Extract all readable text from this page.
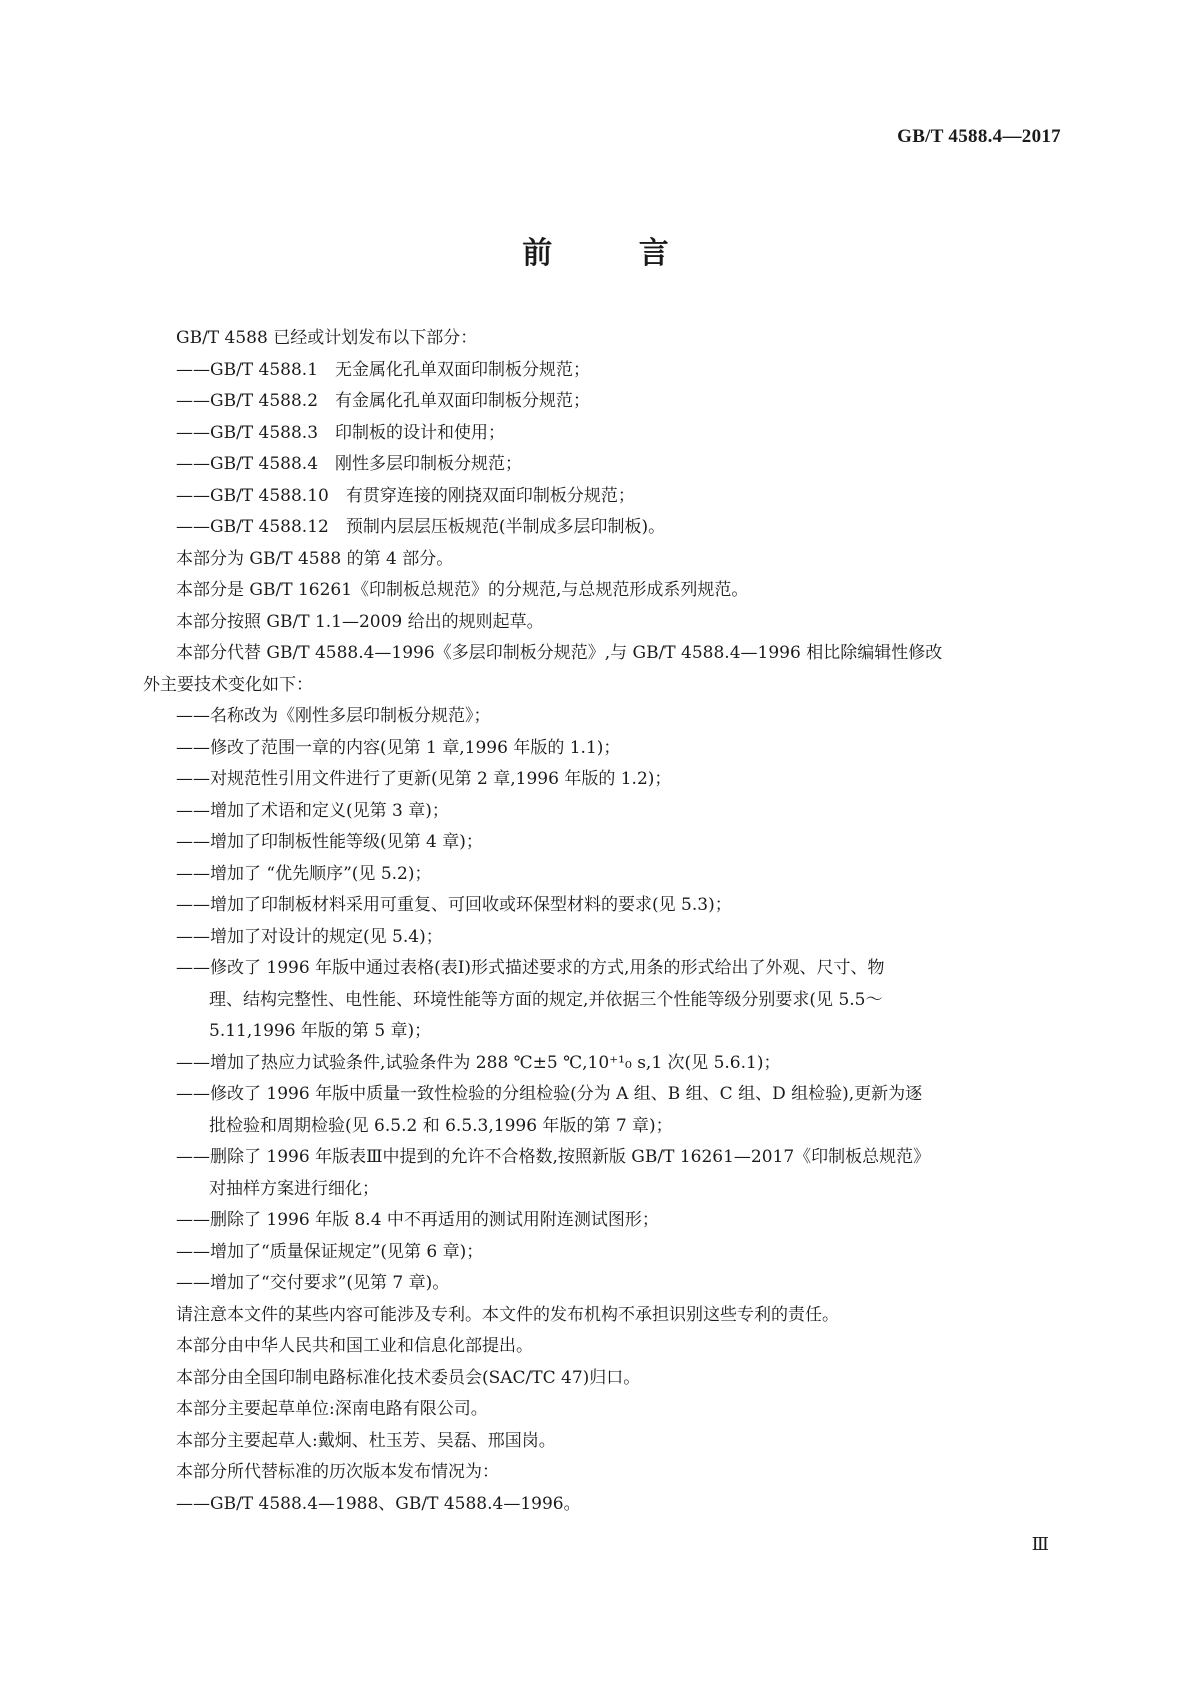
GB/T 4588.4—2017
前 言
GB/T 4588 已经或计划发布以下部分：
——GB/T 4588.1　无金属化孔单双面印制板分规范；
——GB/T 4588.2　有金属化孔单双面印制板分规范；
——GB/T 4588.3　印制板的设计和使用；
——GB/T 4588.4　刚性多层印制板分规范；
——GB/T 4588.10　有贯穿连接的刚挠双面印制板分规范；
——GB/T 4588.12　预制内层层压板规范(半制成多层印制板)。
本部分为 GB/T 4588 的第 4 部分。
本部分是 GB/T 16261《印制板总规范》的分规范,与总规范形成系列规范。
本部分按照 GB/T 1.1—2009 给出的规则起草。
本部分代替 GB/T 4588.4—1996《多层印制板分规范》,与 GB/T 4588.4—1996 相比除编辑性修改
外主要技术变化如下：
——名称改为《刚性多层印制板分规范》；
——修改了范围一章的内容(见第 1 章,1996 年版的 1.1)；
——对规范性引用文件进行了更新(见第 2 章,1996 年版的 1.2)；
——增加了术语和定义(见第 3 章)；
——增加了印制板性能等级(见第 4 章)；
——增加了 “优先顺序”(见 5.2)；
——增加了印制板材料采用可重复、可回收或环保型材料的要求(见 5.3)；
——增加了对设计的规定(见 5.4)；
——修改了 1996 年版中通过表格(表Ⅰ)形式描述要求的方式,用条的形式给出了外观、尺寸、物
理、结构完整性、电性能、环境性能等方面的规定,并依据三个性能等级分别要求(见 5.5～
5.11,1996 年版的第 5 章)；
——增加了热应力试验条件,试验条件为 288 ℃±5 ℃,10⁺¹₀ s,1 次(见 5.6.1)；
——修改了 1996 年版中质量一致性检验的分组检验(分为 A 组、B 组、C 组、D 组检验),更新为逐
批检验和周期检验(见 6.5.2 和 6.5.3,1996 年版的第 7 章)；
——删除了 1996 年版表Ⅲ中提到的允许不合格数,按照新版 GB/T 16261—2017《印制板总规范》
对抽样方案进行细化；
——删除了 1996 年版 8.4 中不再适用的测试用附连测试图形；
——增加了“质量保证规定”(见第 6 章)；
——增加了“交付要求”(见第 7 章)。
请注意本文件的某些内容可能涉及专利。本文件的发布机构不承担识别这些专利的责任。
本部分由中华人民共和国工业和信息化部提出。
本部分由全国印制电路标准化技术委员会(SAC/TC 47)归口。
本部分主要起草单位:深南电路有限公司。
本部分主要起草人:戴炯、杜玉芳、吴磊、邢国岗。
本部分所代替标准的历次版本发布情况为：
——GB/T 4588.4—1988、GB/T 4588.4—1996。
Ⅲ
